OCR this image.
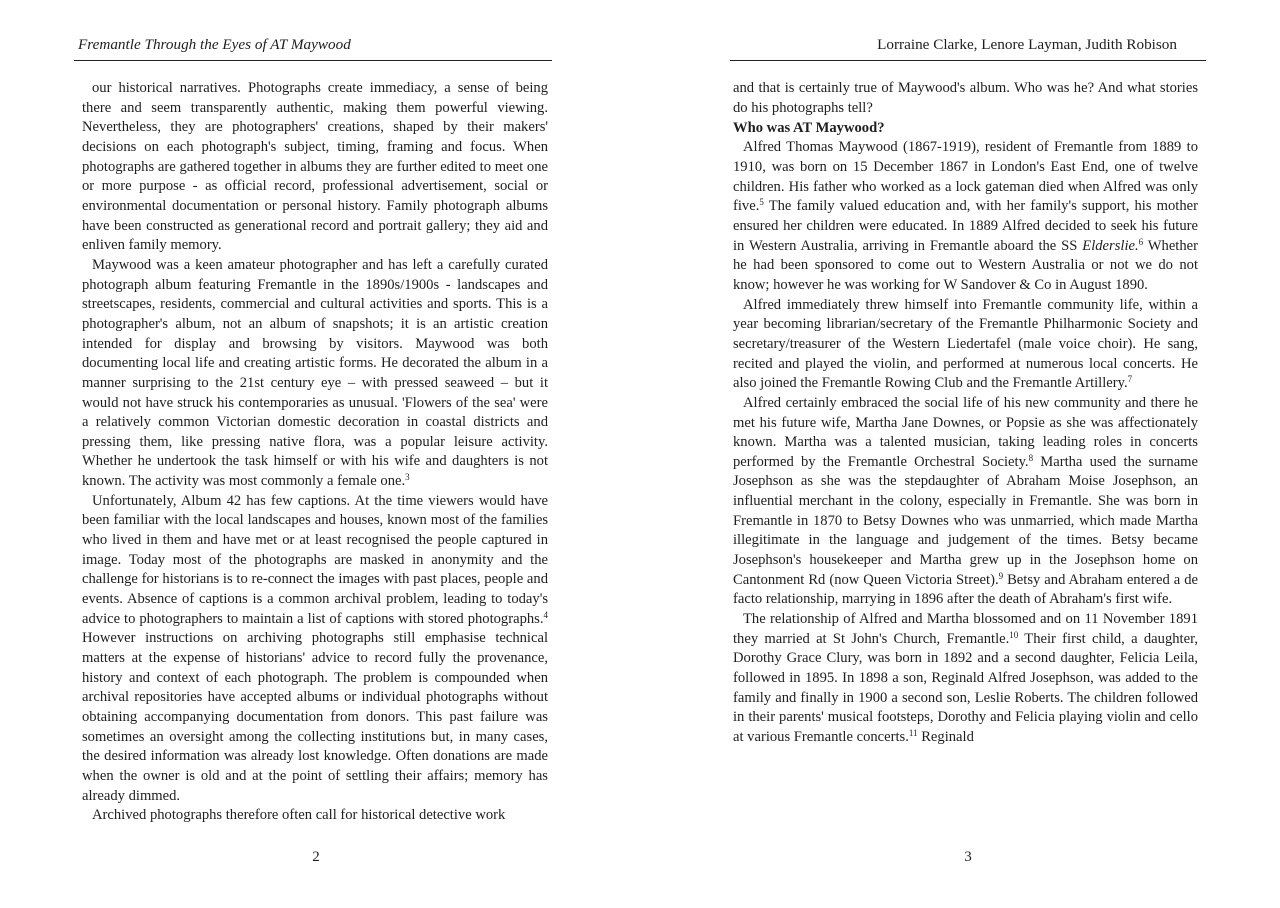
Fremantle Through the Eyes of AT Maywood

our historical narratives. Photographs create immediacy, a sense of being there and seem transparently authentic, making them powerful viewing. Nevertheless, they are photographers' creations, shaped by their makers' decisions on each photograph's subject, timing, framing and focus. When photographs are gathered together in albums they are further edited to meet one or more purpose - as official record, professional advertisement, social or environmental documentation or personal history. Family photograph albums have been constructed as generational record and portrait gallery; they aid and enliven family memory.

Maywood was a keen amateur photographer and has left a carefully curated photograph album featuring Fremantle in the 1890s/1900s - landscapes and streetscapes, residents, commercial and cultural activities and sports. This is a photographer's album, not an album of snapshots; it is an artistic creation intended for display and browsing by visitors. Maywood was both documenting local life and creating artistic forms. He decorated the album in a manner surprising to the 21st century eye – with pressed seaweed – but it would not have struck his contemporaries as unusual. 'Flowers of the sea' were a relatively common Victorian domestic decoration in coastal districts and pressing them, like pressing native flora, was a popular leisure activity. Whether he undertook the task himself or with his wife and daughters is not known. The activity was most commonly a female one.$^3$

Unfortunately, Album 42 has few captions. At the time viewers would have been familiar with the local landscapes and houses, known most of the families who lived in them and have met or at least recognised the people captured in image. Today most of the photographs are masked in anonymity and the challenge for historians is to re-connect the images with past places, people and events. Absence of captions is a common archival problem, leading to today's advice to photographers to maintain a list of captions with stored photographs.$^4$ However instructions on archiving photographs still emphasise technical matters at the expense of historians' advice to record fully the provenance, history and context of each photograph. The problem is compounded when archival repositories have accepted albums or individual photographs without obtaining accompanying documentation from donors. This past failure was sometimes an oversight among the collecting institutions but, in many cases, the desired information was already lost knowledge. Often donations are made when the owner is old and at the point of settling their affairs; memory has already dimmed.

Archived photographs therefore often call for historical detective work

2
Lorraine Clarke, Lenore Layman, Judith Robison

and that is certainly true of Maywood's album. Who was he? And what stories do his photographs tell?

Who was AT Maywood?

Alfred Thomas Maywood (1867-1919), resident of Fremantle from 1889 to 1910, was born on 15 December 1867 in London's East End, one of twelve children. His father who worked as a lock gateman died when Alfred was only five.$^5$ The family valued education and, with her family's support, his mother ensured her children were educated. In 1889 Alfred decided to seek his future in Western Australia, arriving in Fremantle aboard the SS Elderslie.$^6$ Whether he had been sponsored to come out to Western Australia or not we do not know; however he was working for W Sandover & Co in August 1890.

Alfred immediately threw himself into Fremantle community life, within a year becoming librarian/secretary of the Fremantle Philharmonic Society and secretary/treasurer of the Western Liedertafel (male voice choir). He sang, recited and played the violin, and performed at numerous local concerts. He also joined the Fremantle Rowing Club and the Fremantle Artillery.$^7$

Alfred certainly embraced the social life of his new community and there he met his future wife, Martha Jane Downes, or Popsie as she was affectionately known. Martha was a talented musician, taking leading roles in concerts performed by the Fremantle Orchestral Society.$^8$ Martha used the surname Josephson as she was the stepdaughter of Abraham Moise Josephson, an influential merchant in the colony, especially in Fremantle. She was born in Fremantle in 1870 to Betsy Downes who was unmarried, which made Martha illegitimate in the language and judgement of the times. Betsy became Josephson's housekeeper and Martha grew up in the Josephson home on Cantonment Rd (now Queen Victoria Street).$^9$ Betsy and Abraham entered a de facto relationship, marrying in 1896 after the death of Abraham's first wife.

The relationship of Alfred and Martha blossomed and on 11 November 1891 they married at St John's Church, Fremantle.$^{10}$ Their first child, a daughter, Dorothy Grace Clury, was born in 1892 and a second daughter, Felicia Leila, followed in 1895. In 1898 a son, Reginald Alfred Josephson, was added to the family and finally in 1900 a second son, Leslie Roberts. The children followed in their parents' musical footsteps, Dorothy and Felicia playing violin and cello at various Fremantle concerts.$^{11}$ Reginald

3
